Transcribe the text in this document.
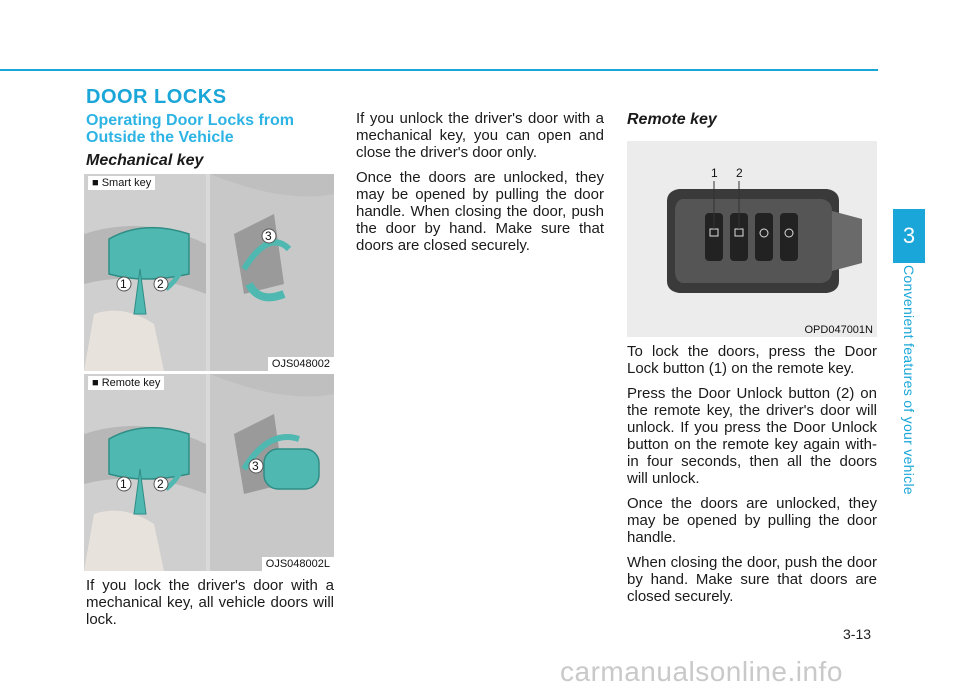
DOOR LOCKS
Operating Door Locks from Outside the Vehicle
Mechanical key
1	2
3
■ Smart key
OJS048002
1	2
3
■ Remote key
OJS048002L

If you lock the driver's door with a mechanical key, all vehicle doors will lock.

If you unlock the driver's door with a mechanical key, you can open and close the driver's door only.

Once the doors are unlocked, they may be opened by pulling the door handle. When closing the door, push the door by hand. Make sure that doors are closed securely.

Remote key
1 2
OPD047001N

To lock the doors, press the Door Lock button (1) on the remote key.

Press the Door Unlock button (2) on the remote key, the driver's door will unlock. If you press the Door Unlock button on the remote key again with-in four seconds, then all the doors will unlock.

Once the doors are unlocked, they may be opened by pulling the door handle.

When closing the door, push the door by hand. Make sure that doors are closed securely.

3
Convenient features of your vehicle
3-13
carmanualsonline.info
